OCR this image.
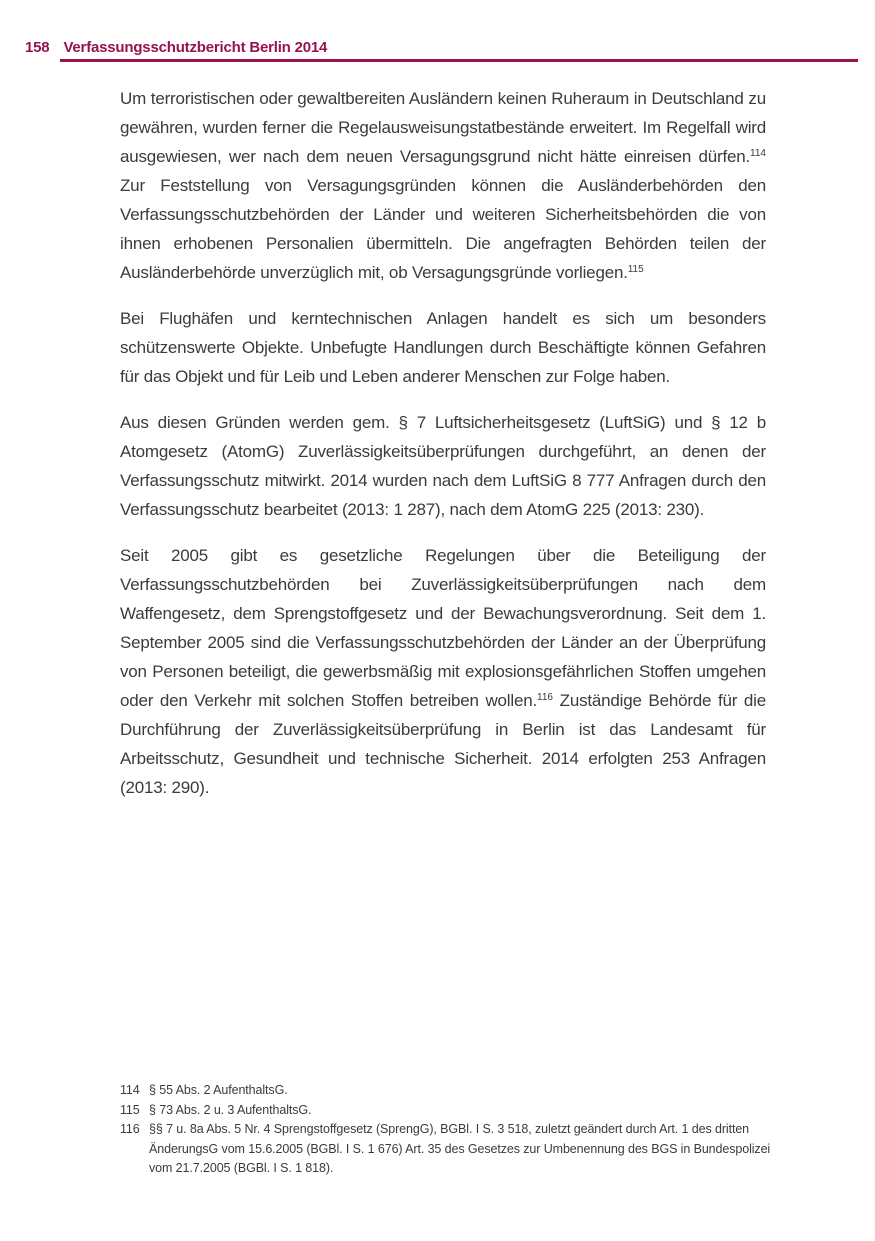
158 Verfassungsschutzbericht Berlin 2014

Um terroristischen oder gewaltbereiten Ausländern keinen Ruheraum in Deutschland zu gewähren, wurden ferner die Regelausweisungstatbestände erweitert. Im Regelfall wird ausgewiesen, wer nach dem neuen Versagungsgrund nicht hätte einreisen dürfen.$^{114}$ Zur Feststellung von Versagungsgründen können die Ausländerbehörden den Verfassungsschutzbehörden der Länder und weiteren Sicherheitsbehörden die von ihnen erhobenen Personalien übermitteln. Die angefragten Behörden teilen der Ausländerbehörde unverzüglich mit, ob Versagungsgründe vorliegen.$^{115}$

Bei Flughäfen und kerntechnischen Anlagen handelt es sich um besonders schützenswerte Objekte. Unbefugte Handlungen durch Beschäftigte können Gefahren für das Objekt und für Leib und Leben anderer Menschen zur Folge haben.

Aus diesen Gründen werden gem. § 7 Luftsicherheitsgesetz (LuftSiG) und § 12 b Atomgesetz (AtomG) Zuverlässigkeitsüberprüfungen durchgeführt, an denen der Verfassungsschutz mitwirkt. 2014 wurden nach dem LuftSiG 8 777 Anfragen durch den Verfassungsschutz bearbeitet (2013: 1 287), nach dem AtomG 225 (2013: 230).

Seit 2005 gibt es gesetzliche Regelungen über die Beteiligung der Verfassungsschutzbehörden bei Zuverlässigkeitsüberprüfungen nach dem Waffengesetz, dem Sprengstoffgesetz und der Bewachungsverordnung. Seit dem 1. September 2005 sind die Verfassungsschutzbehörden der Länder an der Überprüfung von Personen beteiligt, die gewerbsmäßig mit explosionsgefährlichen Stoffen umgehen oder den Verkehr mit solchen Stoffen betreiben wollen.$^{116}$ Zuständige Behörde für die Durchführung der Zuverlässigkeitsüberprüfung in Berlin ist das Landesamt für Arbeitsschutz, Gesundheit und technische Sicherheit. 2014 erfolgten 253 Anfragen (2013: 290).

114 § 55 Abs. 2 AufenthaltsG.
115 § 73 Abs. 2 u. 3 AufenthaltsG.
116 §§ 7 u. 8a Abs. 5 Nr. 4 Sprengstoffgesetz (SprengG), BGBl. I S. 3 518, zuletzt geändert durch Art. 1 des dritten ÄnderungsG vom 15.6.2005 (BGBl. I S. 1 676) Art. 35 des Gesetzes zur Umbenennung des BGS in Bundespolizei vom 21.7.2005 (BGBl. I S. 1 818).
